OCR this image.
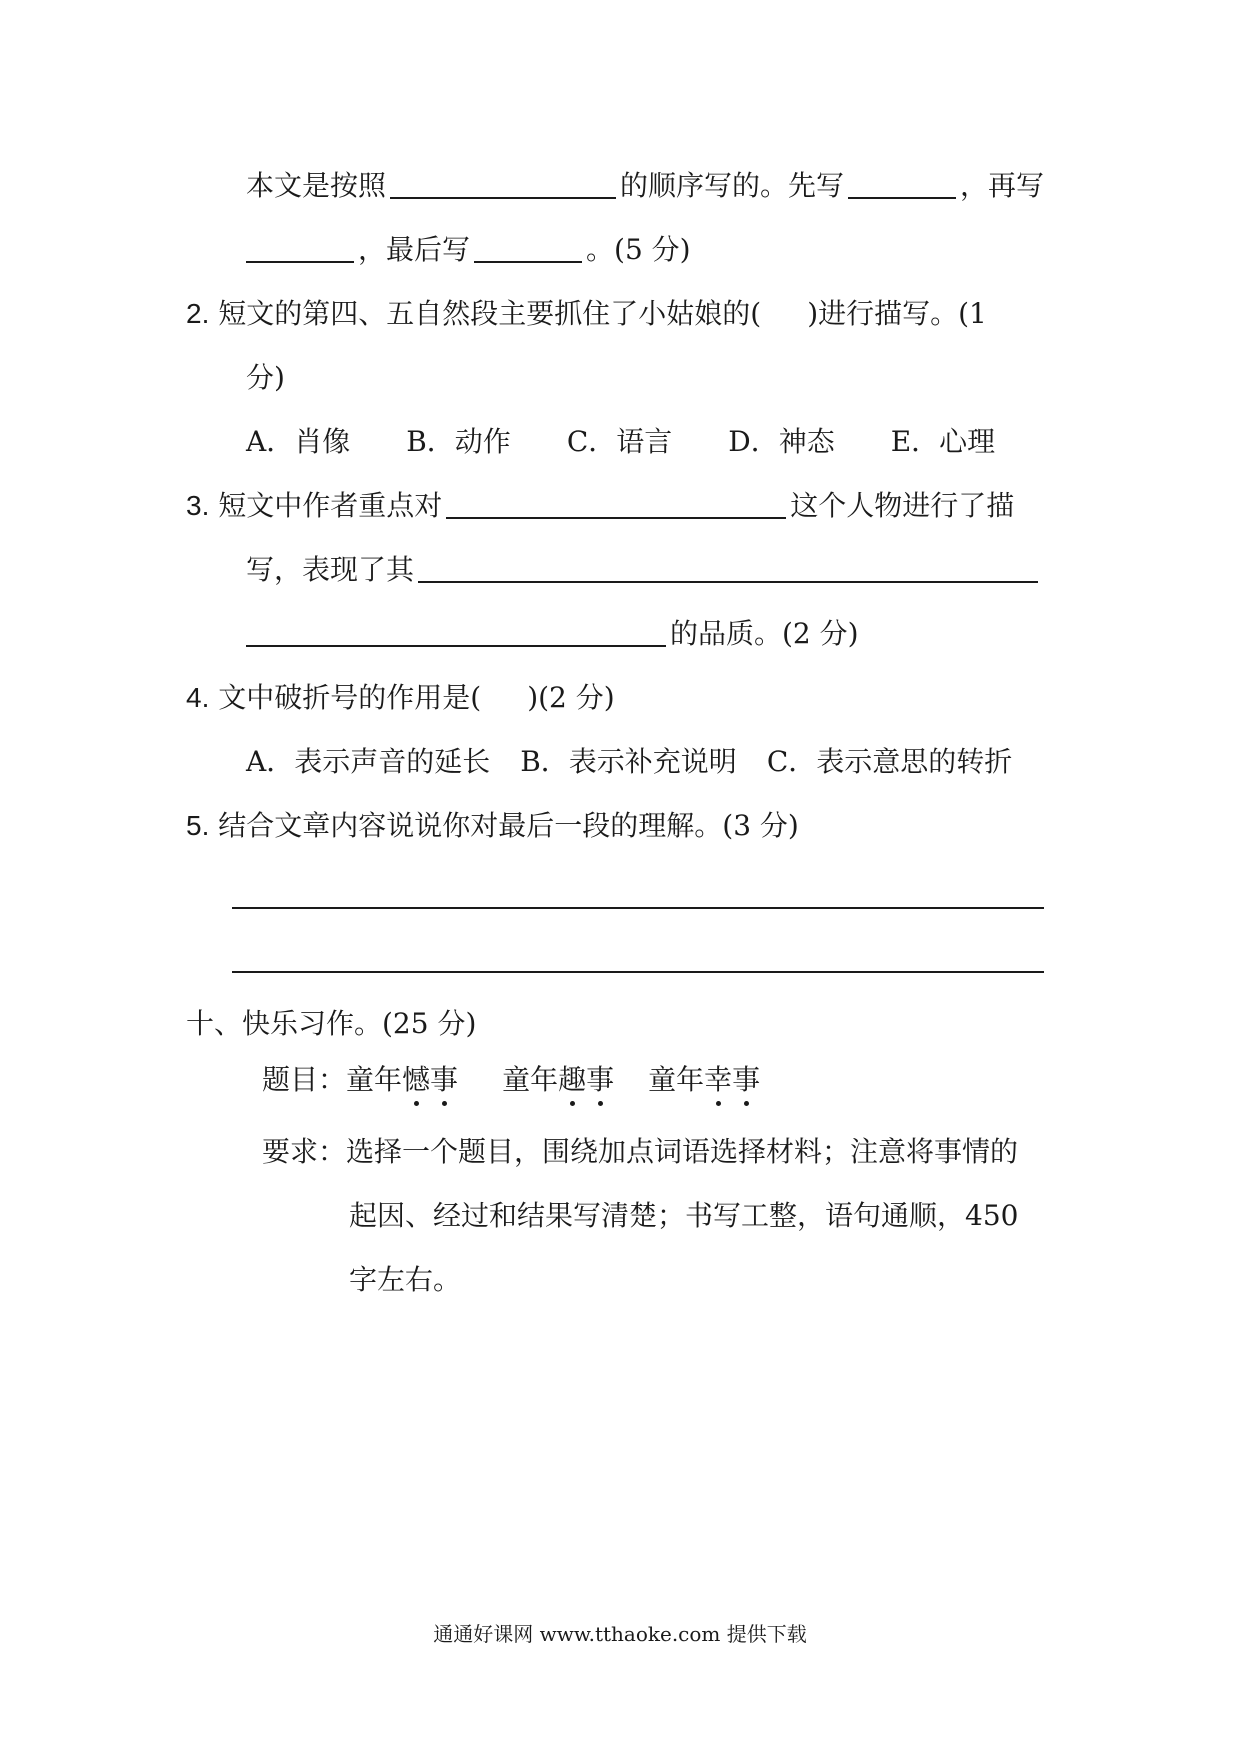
本文是按照	的顺序写的。先写	，再写
，最后写	。(5 分)
2. 短文的第四、五自然段主要抓住了小姑娘的( )进行描写。(1
分)
A．肖像 B．动作 C．语言 D．神态 E．心理
3. 短文中作者重点对	这个人物进行了描
写，表现了其
的品质。(2 分)
4. 文中破折号的作用是( )(2 分)
A．表示声音的延长 B．表示补充说明 C．表示意思的转折
5. 结合文章内容说说你对最后一段的理解。(3 分)
十、快乐习作。(25 分)
题目：童年憾事 童年趣事 童年幸事
要求：选择一个题目，围绕加点词语选择材料；注意将事情的
起因、经过和结果写清楚；书写工整，语句通顺，450
字左右。
通通好课网 www.tthaoke.com 提供下载
